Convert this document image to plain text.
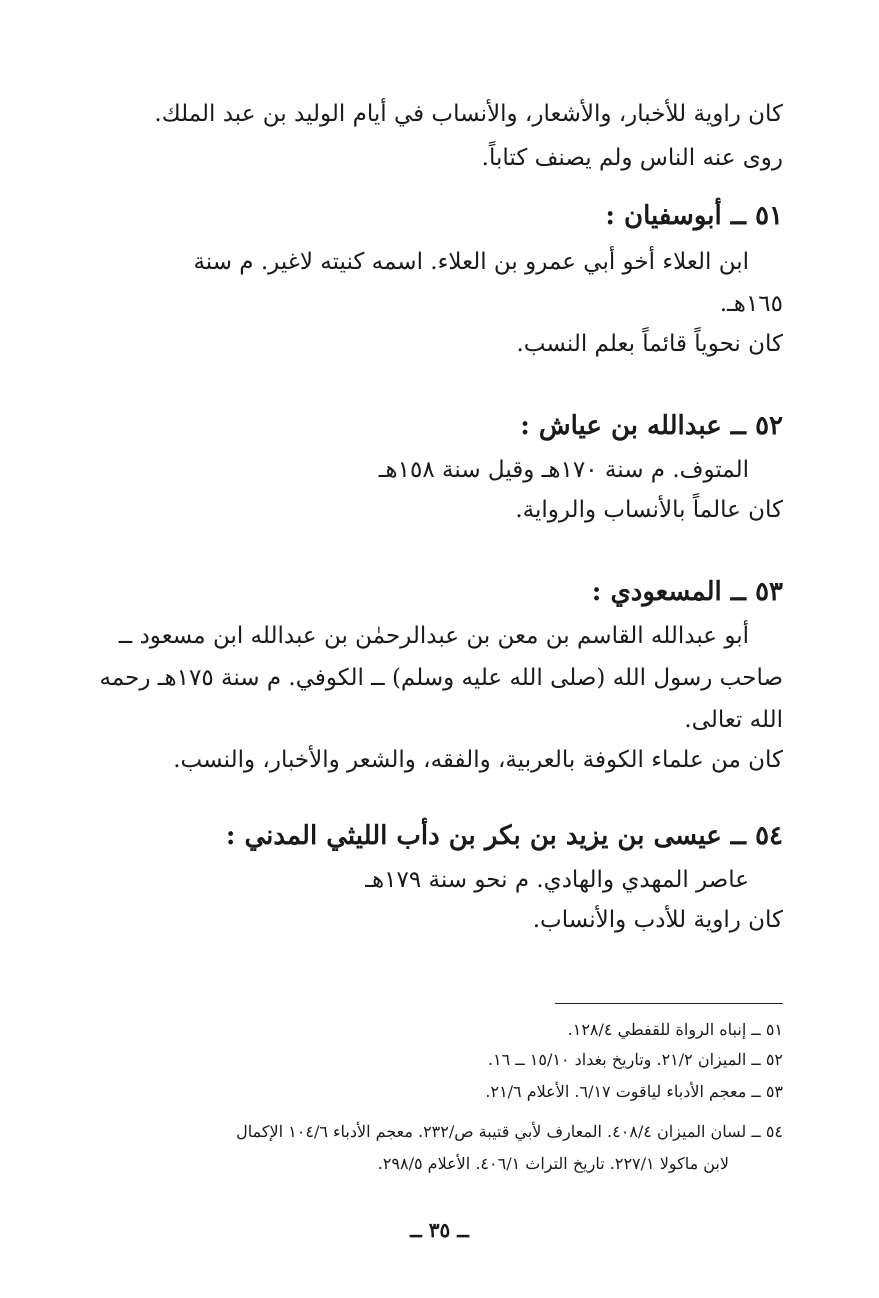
كان راوية للأخبار، والأشعار، والأنساب في أيام الوليد بن عبد الملك.
روى عنه الناس ولم يصنف كتاباً.
٥١ ــ أبوسفيان :
ابن العلاء أخو أبي عمرو بن العلاء. اسمه كنيته لاغير. م سنة
١٦٥هـ.
كان نحوياً قائماً بعلم النسب.
٥٢ ــ عبدالله بن عياش :
المتوف. م سنة ١٧٠هـ وقيل سنة ١٥٨هـ
كان عالماً بالأنساب والرواية.
٥٣ ــ المسعودي :
أبو عبدالله القاسم بن معن بن عبدالرحمٰن بن عبدالله ابن مسعود ــ
صاحب رسول الله (صلى الله عليه وسلم) ــ الكوفي. م سنة ١٧٥هـ رحمه
الله تعالى.
كان من علماء الكوفة بالعربية، والفقه، والشعر والأخبار، والنسب.
٥٤ ــ عيسى بن يزيد بن بكر بن دأب الليثي المدني :
عاصر المهدي والهادي. م نحو سنة ١٧٩هـ
كان راوية للأدب والأنساب.
٥١ ــ إنباه الرواة للقفطي ١٢٨/٤.
٥٢ ــ الميزان ٢١/٢. وتاريخ بغداد ١٥/١٠ ــ ١٦.
٥٣ ــ معجم الأدباء لياقوت ٦/١٧. الأعلام ٢١/٦.
٥٤ ــ لسان الميزان ٤٠٨/٤. المعارف لأبي قتيبة ص/٢٣٢. معجم الأدباء ١٠٤/٦ الإكمال
لابن ماكولا ٢٢٧/١. تاريخ التراث ٤٠٦/١. الأعلام ٢٩٨/٥.
ــ ٣٥ ــ
